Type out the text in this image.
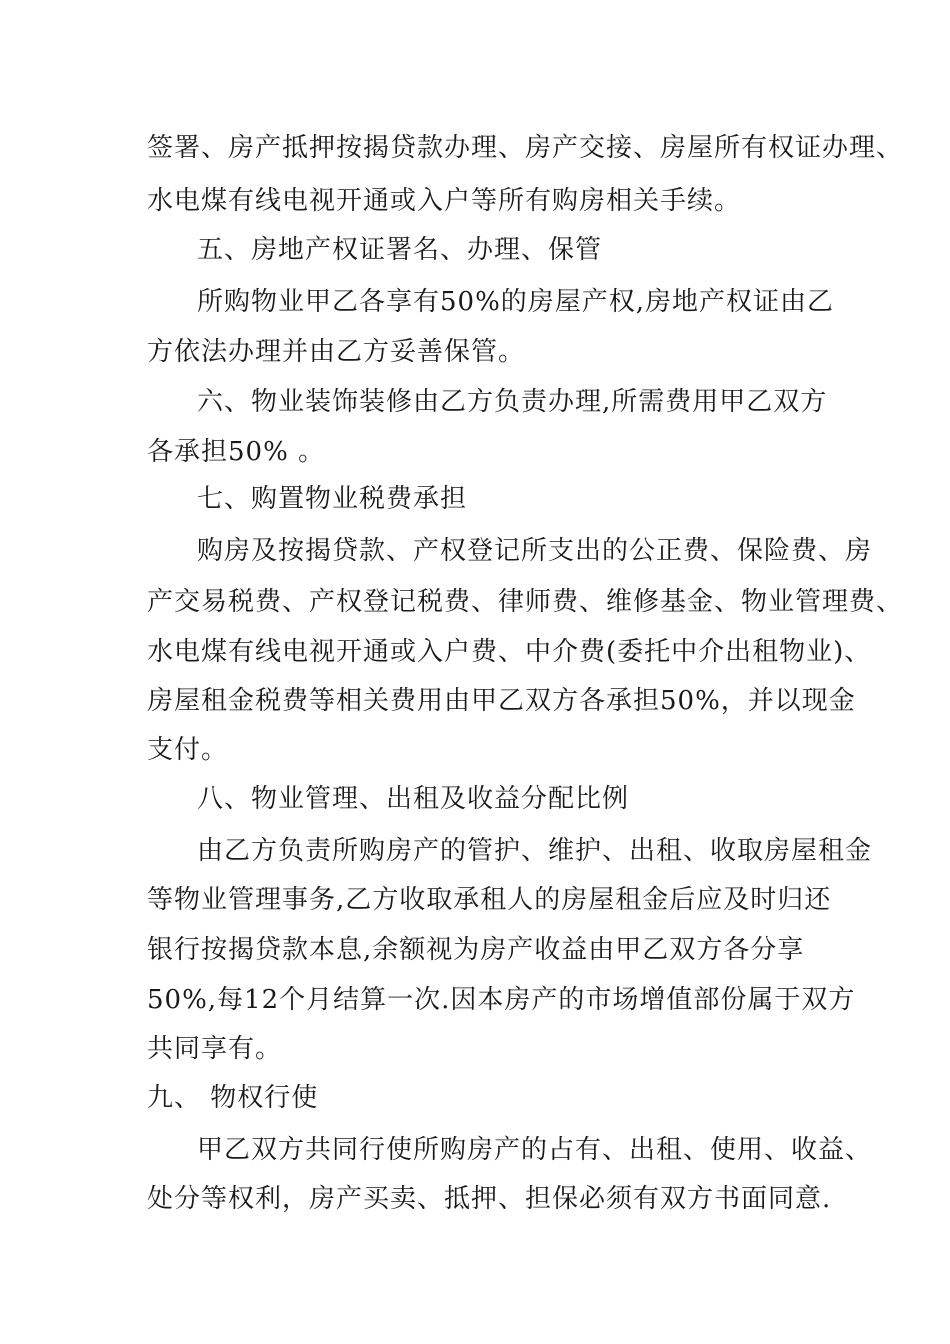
签署、房产抵押按揭贷款办理、房产交接、房屋所有权证办理、
水电煤有线电视开通或入户等所有购房相关手续。
五、房地产权证署名、办理、保管
所购物业甲乙各享有50%的房屋产权,房地产权证由乙
方依法办理并由乙方妥善保管。
六、物业装饰装修由乙方负责办理,所需费用甲乙双方
各承担50% 。
七、购置物业税费承担
购房及按揭贷款、产权登记所支出的公正费、保险费、房
产交易税费、产权登记税费、律师费、维修基金、物业管理费、
水电煤有线电视开通或入户费、中介费(委托中介出租物业)、
房屋租金税费等相关费用由甲乙双方各承担50%，并以现金
支付。
八、物业管理、出租及收益分配比例
由乙方负责所购房产的管护、维护、出租、收取房屋租金
等物业管理事务,乙方收取承租人的房屋租金后应及时归还
银行按揭贷款本息,余额视为房产收益由甲乙双方各分享
50%,每12个月结算一次.因本房产的市场增值部份属于双方
共同享有。
九、 物权行使
甲乙双方共同行使所购房产的占有、出租、使用、收益、
处分等权利，房产买卖、抵押、担保必须有双方书面同意.
